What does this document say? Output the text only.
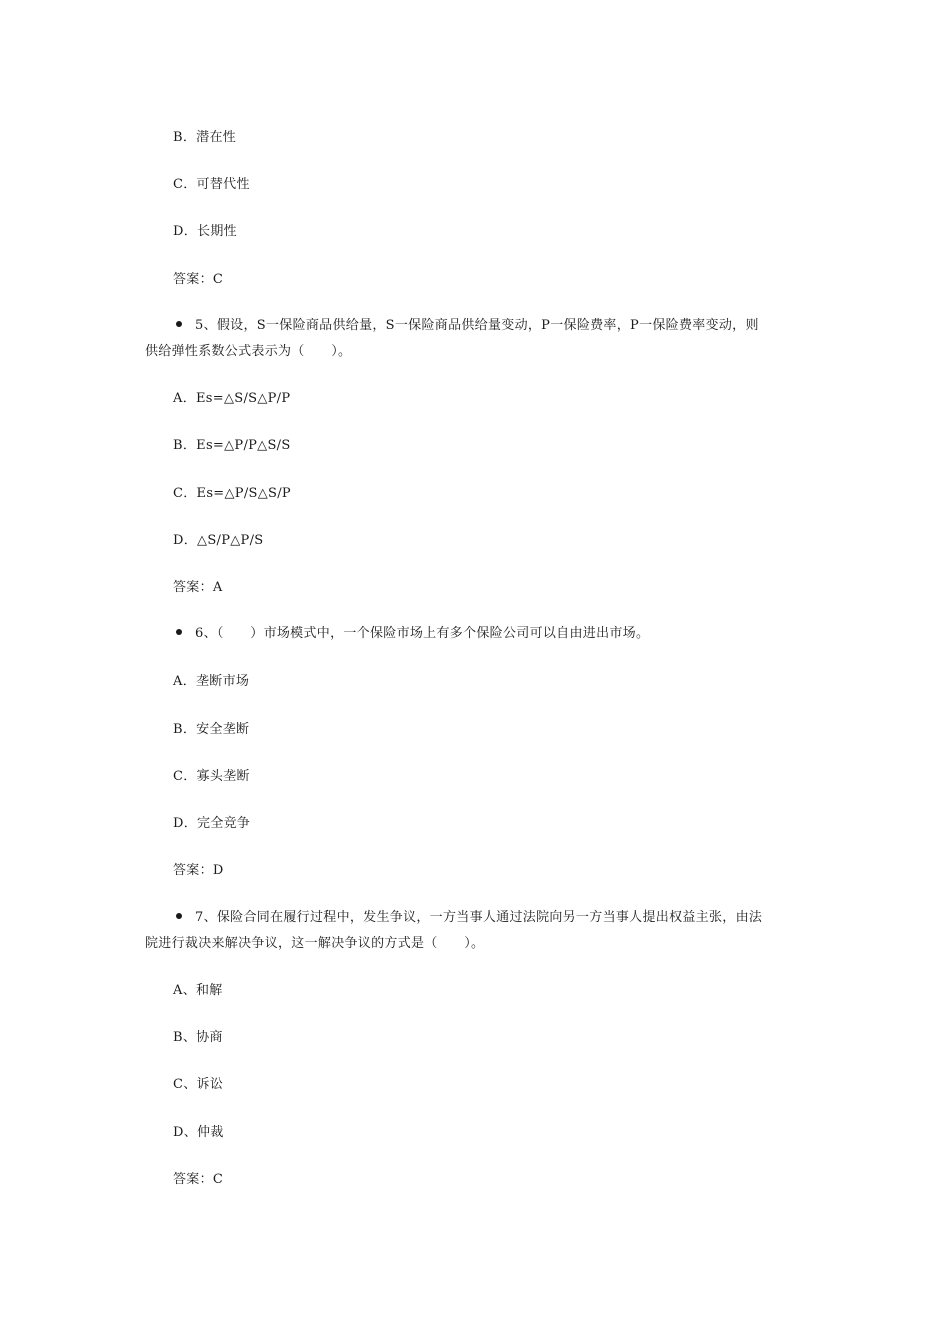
B．潜在性
C．可替代性
D．长期性
答案：C
5、假设，S一保险商品供给量，S一保险商品供给量变动，P一保险费率，P一保险费率变动，则
供给弹性系数公式表示为（　　）。
A．Es=△S/S△P/P
B．Es=△P/P△S/S
C．Es=△P/S△S/P
D．△S/P△P/S
答案：A
6、（　　）市场模式中，一个保险市场上有多个保险公司可以自由进出市场。
A．垄断市场
B．安全垄断
C．寡头垄断
D．完全竞争
答案：D
7、保险合同在履行过程中，发生争议，一方当事人通过法院向另一方当事人提出权益主张，由法
院进行裁决来解决争议，这一解决争议的方式是（　　）。
A、和解
B、协商
C、诉讼
D、仲裁
答案：C
